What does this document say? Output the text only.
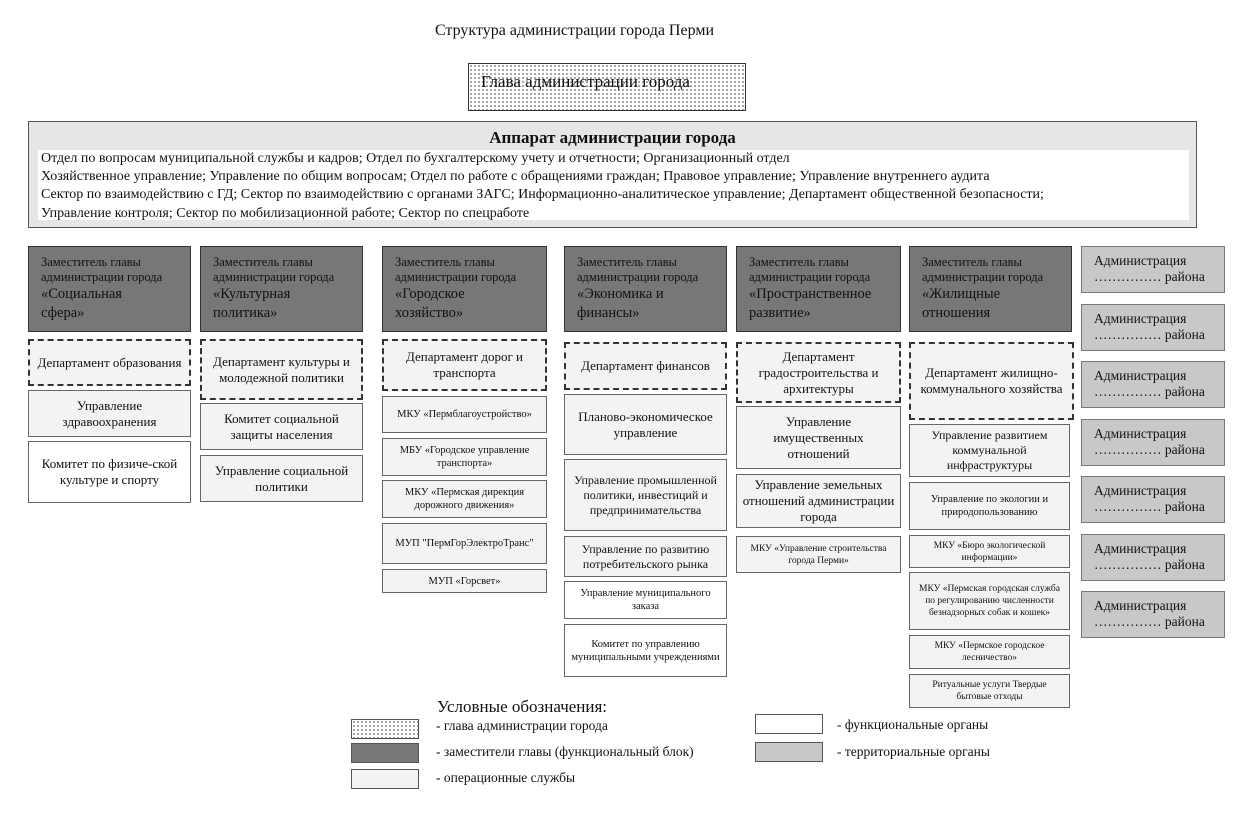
Структура администрации города Перми
Глава администрации города
Аппарат администрации города
Отдел по вопросам муниципальной службы и кадров; Отдел по бухгалтерскому учету и отчетности; Организационный отдел
Хозяйственное управление; Управление по общим вопросам; Отдел по работе с обращениями граждан; Правовое управление; Управление внутреннего аудита
Сектор по взаимодействию с ГД; Сектор по взаимодействию с органами ЗАГС; Информационно-аналитическое управление; Департамент общественной безопасности;
Управление контроля; Сектор по мобилизационной работе; Сектор по спецработе
Заместитель главы
администрации города
«Социальная
сфера»
Заместитель главы
администрации города
«Культурная
политика»
Заместитель главы
администрации города
«Городское
хозяйство»
Заместитель главы
администрации города
«Экономика и
финансы»
Заместитель главы
администрации города
«Пространственное
развитие»
Заместитель главы
администрации города
«Жилищные
отношения
Департамент образования
Управление здравоохранения
Комитет по физиче-ской культуре и спорту
Департамент культуры и молодежной политики
Комитет социальной защиты населения
Управление социальной политики
Департамент дорог и транспорта
МКУ «Пермблагоустройство»
МБУ «Городское управление транспорта»
МКУ «Пермская дирекция дорожного движения»
МУП "ПермГорЭлектроТранс"
МУП «Горсвет»
Департамент финансов
Планово-экономическое управление
Управление промышленной политики, инвестиций и предпринимательства
Управление по развитию потребительского рынка
Управление муниципального заказа
Комитет по управлению муниципальными учреждениями
Департамент градостроительства и архитектуры
Управление имущественных отношений
Управление земельных отношений администрации города
МКУ «Управление строительства города Перми»
Департамент жилищно-коммунального хозяйства
Управление развитием коммунальной инфраструктуры
Управление по экологии и природопользованию
МКУ «Бюро экологической информации»
МКУ «Пермская городская служба по регулированию численности безнадзорных собак и кошек»
МКУ «Пермское городское лесничество»
Ритуальные услуги Твердые бытовые отходы
Администрация
…………… района
Администрация
…………… района
Администрация
…………… района
Администрация
…………… района
Администрация
…………… района
Администрация
…………… района
Администрация
…………… района
Условные обозначения:
- глава администрации города
- заместители главы (функциональный блок)
- операционные службы
- функциональные органы
- территориальные органы
